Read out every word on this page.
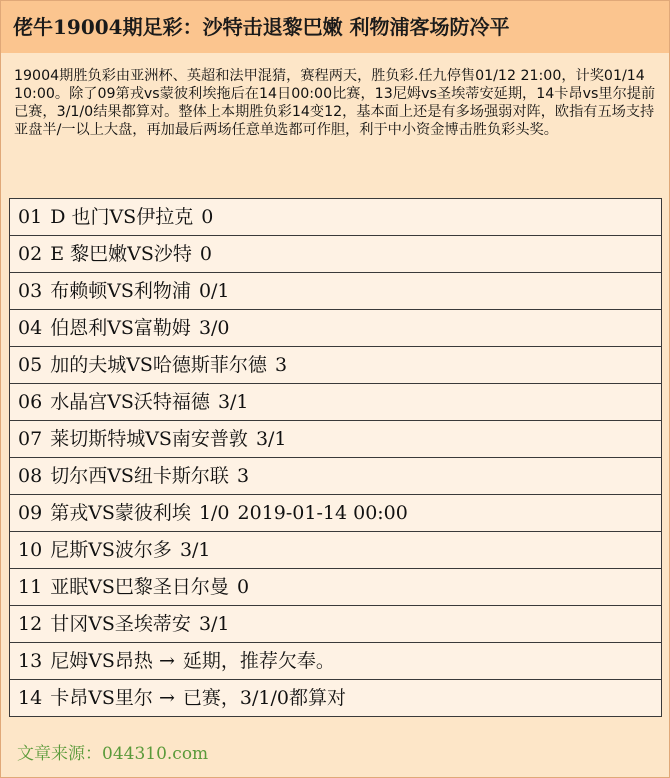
佬牛19004期足彩：沙特击退黎巴嫩 利物浦客场防冷平
19004期胜负彩由亚洲杯、英超和法甲混猜，赛程两天，胜负彩.任九停售01/12 21:00，计奖01/14 10:00。除了09第戎vs蒙彼利埃拖后在14日00:00比赛，13尼姆vs圣埃蒂安延期，14卡昂vs里尔提前已赛，3/1/0结果都算对。整体上本期胜负彩14变12，基本面上还是有多场强弱对阵，欧指有五场支持亚盘半/一以上大盘，再加最后两场任意单选都可作胆，利于中小资金博击胜负彩头奖。
01 D 也门VS伊拉克 0
02 E 黎巴嫩VS沙特 0
03 布赖顿VS利物浦 0/1
04 伯恩利VS富勒姆 3/0
05 加的夫城VS哈德斯菲尔德 3
06 水晶宫VS沃特福德 3/1
07 莱切斯特城VS南安普敦 3/1
08 切尔西VS纽卡斯尔联 3
09 第戎VS蒙彼利埃 1/0 2019-01-14 00:00
10 尼斯VS波尔多 3/1
11 亚眠VS巴黎圣日尔曼 0
12 甘冈VS圣埃蒂安 3/1
13 尼姆VS昂热 → 延期，推荐欠奉。
14 卡昂VS里尔 → 已赛，3/1/0都算对
文章来源：044310.com
